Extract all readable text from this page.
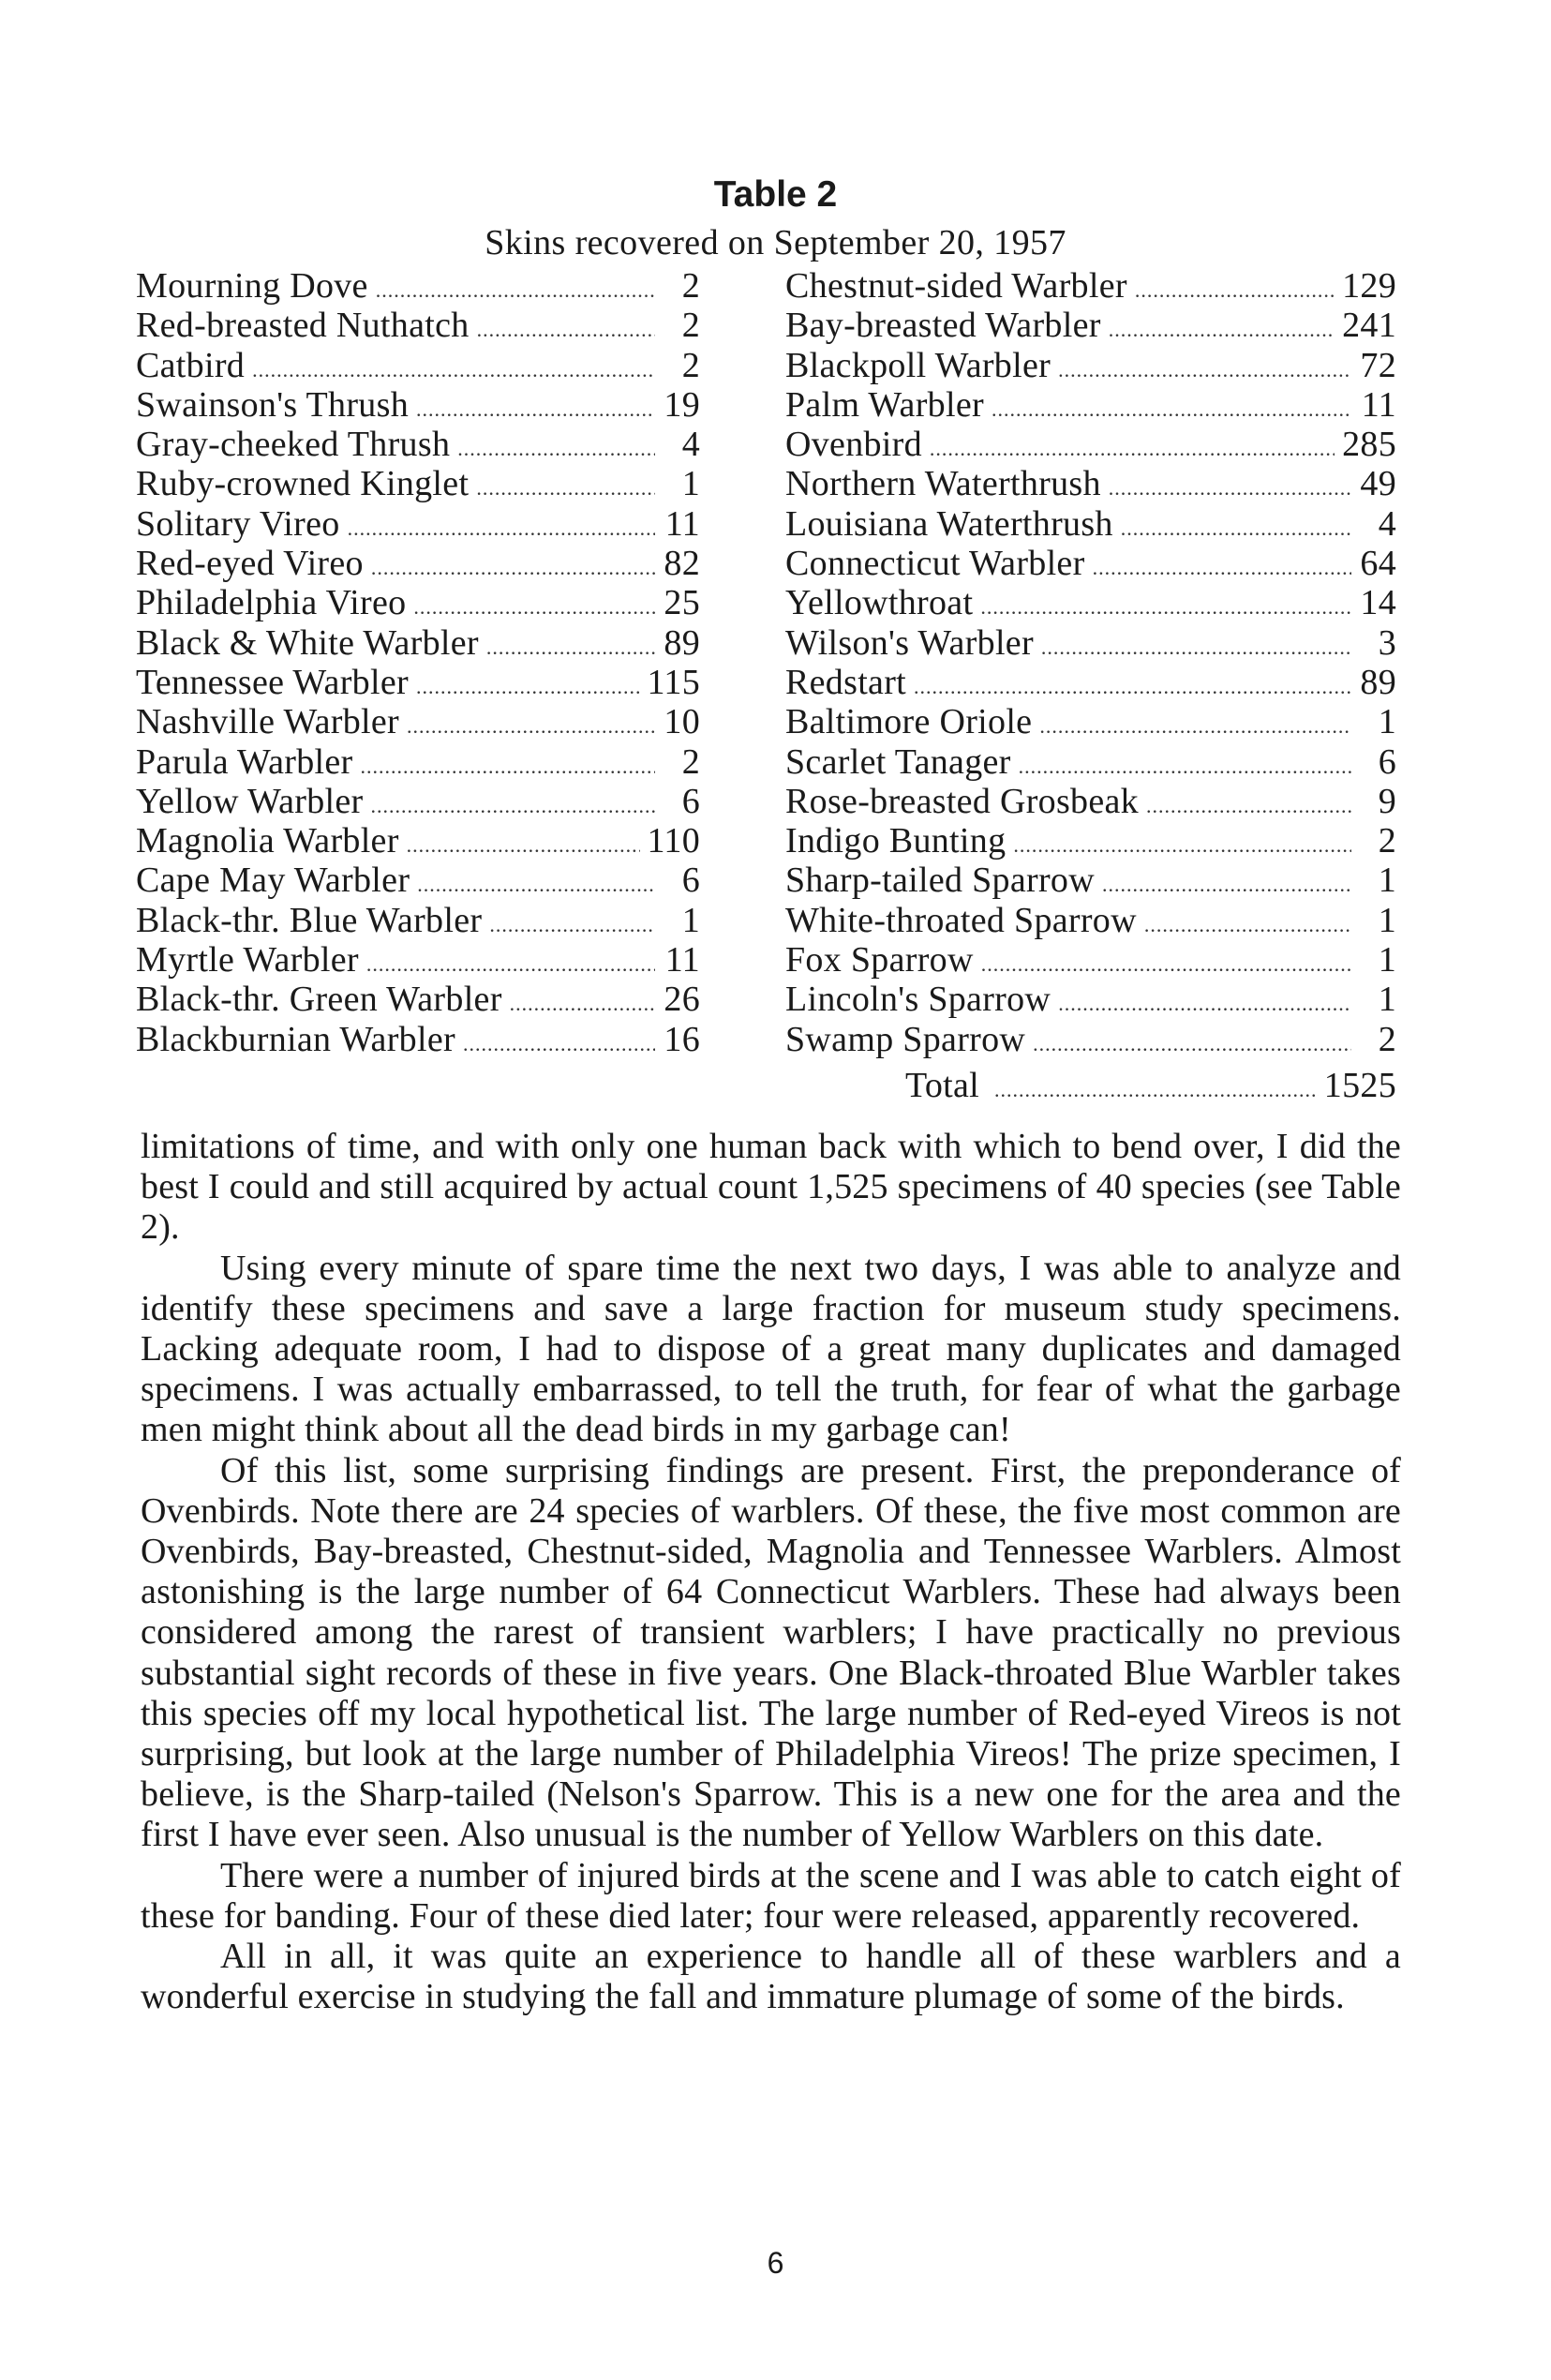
Table 2
Skins recovered on September 20, 1957
Mourning Dove .....	2
Red-breasted Nuthatch .....	2
Catbird .....	2
Swainson's Thrush .....	19
Gray-cheeked Thrush .....	4
Ruby-crowned Kinglet .....	1
Solitary Vireo .....	11
Red-eyed Vireo .....	82
Philadelphia Vireo .....	25
Black & White Warbler .....	89
Tennessee Warbler .....	115
Nashville Warbler .....	10
Parula Warbler .....	2
Yellow Warbler .....	6
Magnolia Warbler .....	110
Cape May Warbler .....	6
Black-thr. Blue Warbler .....	1
Myrtle Warbler .....	11
Black-thr. Green Warbler .....	26
Blackburnian Warbler .....	16
Chestnut-sided Warbler .....	129
Bay-breasted Warbler .....	241
Blackpoll Warbler .....	72
Palm Warbler .....	11
Ovenbird .....	285
Northern Waterthrush .....	49
Louisiana Waterthrush .....	4
Connecticut Warbler .....	64
Yellowthroat .....	14
Wilson's Warbler .....	3
Redstart .....	89
Baltimore Oriole .....	1
Scarlet Tanager .....	6
Rose-breasted Grosbeak .....	9
Indigo Bunting .....	2
Sharp-tailed Sparrow .....	1
White-throated Sparrow .....	1
Fox Sparrow .....	1
Lincoln's Sparrow .....	1
Swamp Sparrow .....	2
Total .....	1525

limitations of time, and with only one human back with which to bend over, I did the best I could and still acquired by actual count 1,525 specimens of 40 species (see Table 2).

Using every minute of spare time the next two days, I was able to analyze and identify these specimens and save a large fraction for museum study specimens. Lacking adequate room, I had to dispose of a great many duplicates and damaged specimens. I was actually embarrassed, to tell the truth, for fear of what the garbage men might think about all the dead birds in my garbage can!

Of this list, some surprising findings are present. First, the preponderance of Ovenbirds. Note there are 24 species of warblers. Of these, the five most common are Ovenbirds, Bay-breasted, Chestnut-sided, Magnolia and Tennessee Warblers. Almost astonishing is the large number of 64 Connecticut Warblers. These had always been considered among the rarest of transient warblers; I have practically no previous substantial sight records of these in five years. One Black-throated Blue Warbler takes this species off my local hypothetical list. The large number of Red-eyed Vireos is not surprising, but look at the large number of Philadelphia Vireos! The prize specimen, I believe, is the Sharp-tailed (Nelson's Sparrow. This is a new one for the area and the first I have ever seen. Also unusual is the number of Yellow Warblers on this date.

There were a number of injured birds at the scene and I was able to catch eight of these for banding. Four of these died later; four were released, apparently recovered.

All in all, it was quite an experience to handle all of these warblers and a wonderful exercise in studying the fall and immature plumage of some of the birds.

6
